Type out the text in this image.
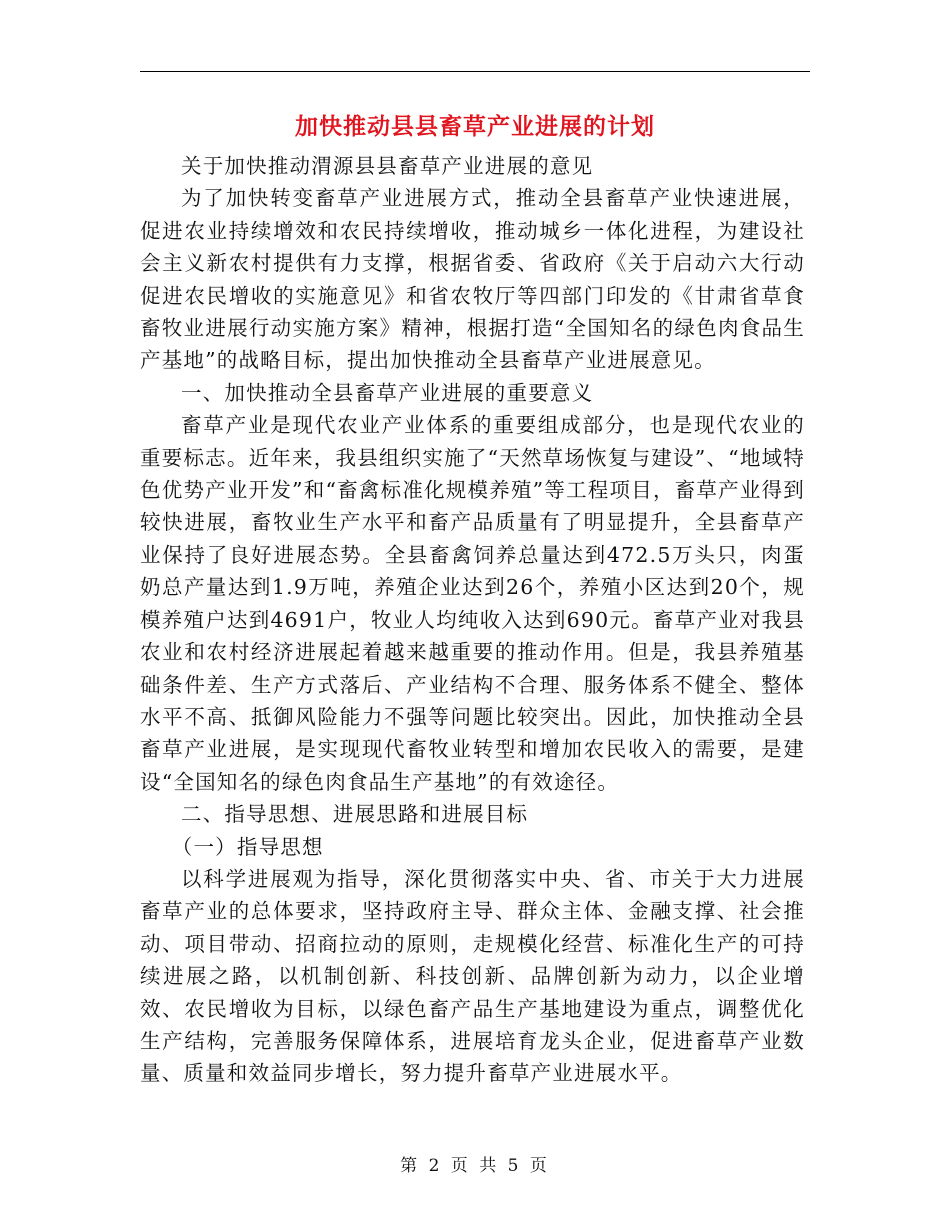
加快推动县县畜草产业进展的计划

关于加快推动渭源县县畜草产业进展的意见

为了加快转变畜草产业进展方式，推动全县畜草产业快速进展，促进农业持续增效和农民持续增收，推动城乡一体化进程，为建设社会主义新农村提供有力支撑，根据省委、省政府《关于启动六大行动促进农民增收的实施意见》和省农牧厅等四部门印发的《甘肃省草食畜牧业进展行动实施方案》精神，根据打造“全国知名的绿色肉食品生产基地”的战略目标，提出加快推动全县畜草产业进展意见。

一、加快推动全县畜草产业进展的重要意义

畜草产业是现代农业产业体系的重要组成部分，也是现代农业的重要标志。近年来，我县组织实施了“天然草场恢复与建设”、“地域特色优势产业开发”和“畜禽标准化规模养殖”等工程项目，畜草产业得到较快进展，畜牧业生产水平和畜产品质量有了明显提升，全县畜草产业保持了良好进展态势。全县畜禽饲养总量达到472.5万头只，肉蛋奶总产量达到1.9万吨，养殖企业达到26个，养殖小区达到20个，规模养殖户达到4691户，牧业人均纯收入达到690元。畜草产业对我县农业和农村经济进展起着越来越重要的推动作用。但是，我县养殖基础条件差、生产方式落后、产业结构不合理、服务体系不健全、整体水平不高、抵御风险能力不强等问题比较突出。因此，加快推动全县畜草产业进展，是实现现代畜牧业转型和增加农民收入的需要，是建设“全国知名的绿色肉食品生产基地”的有效途径。

二、指导思想、进展思路和进展目标

（一）指导思想

以科学进展观为指导，深化贯彻落实中央、省、市关于大力进展畜草产业的总体要求，坚持政府主导、群众主体、金融支撑、社会推动、项目带动、招商拉动的原则，走规模化经营、标准化生产的可持续进展之路，以机制创新、科技创新、品牌创新为动力，以企业增效、农民增收为目标，以绿色畜产品生产基地建设为重点，调整优化生产结构，完善服务保障体系，进展培育龙头企业，促进畜草产业数量、质量和效益同步增长，努力提升畜草产业进展水平。

第 2 页 共 5 页
